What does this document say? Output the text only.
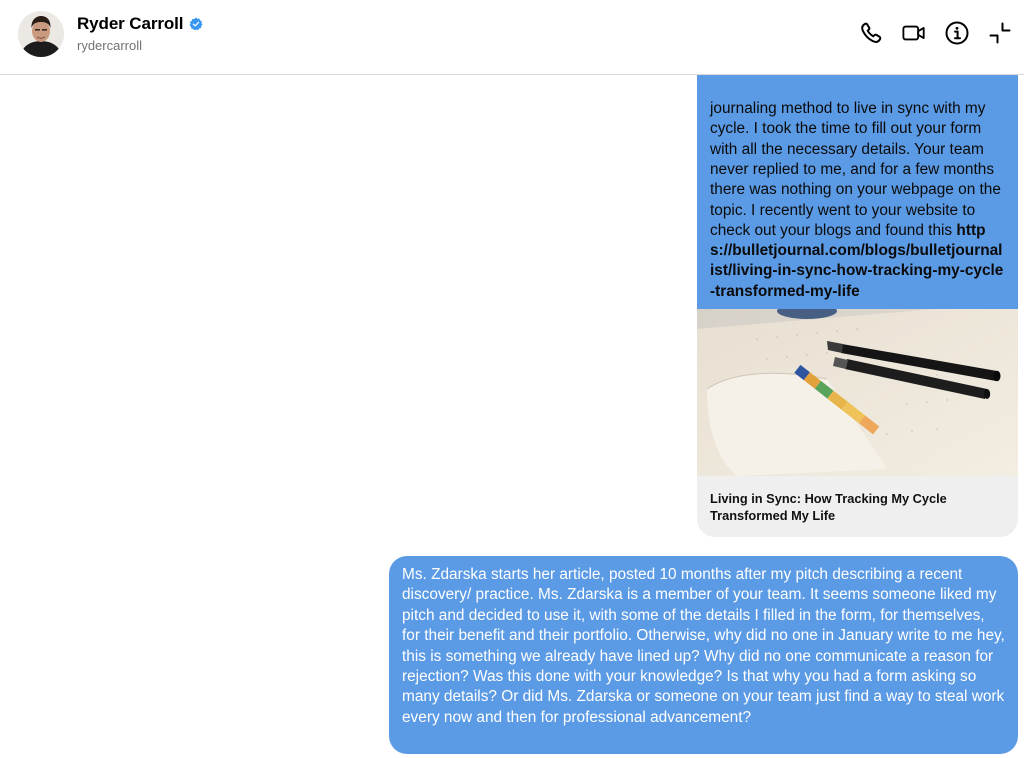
Ryder Carroll
rydercarroll
journaling method to live in sync with my cycle. I took the time to fill out your form with all the necessary details. Your team never replied to me, and for a few months there was nothing on your webpage on the topic. I recently went to your website to check out your blogs and found this https://bulletjournal.com/blogs/bulletjournalist/living-in-sync-how-tracking-my-cycle-transformed-my-life
Living in Sync: How Tracking My Cycle Transformed My Life
Ms. Zdarska starts her article, posted 10 months after my pitch describing a recent discovery/ practice. Ms. Zdarska is a member of your team. It seems someone liked my pitch and decided to use it, with some of the details I filled in the form, for themselves, for their benefit and their portfolio. Otherwise, why did no one in January write to me hey, this is something we already have lined up? Why did no one communicate a reason for rejection? Was this done with your knowledge? Is that why you had a form asking so many details? Or did Ms. Zdarska or someone on your team just find a way to steal work every now and then for professional advancement?
